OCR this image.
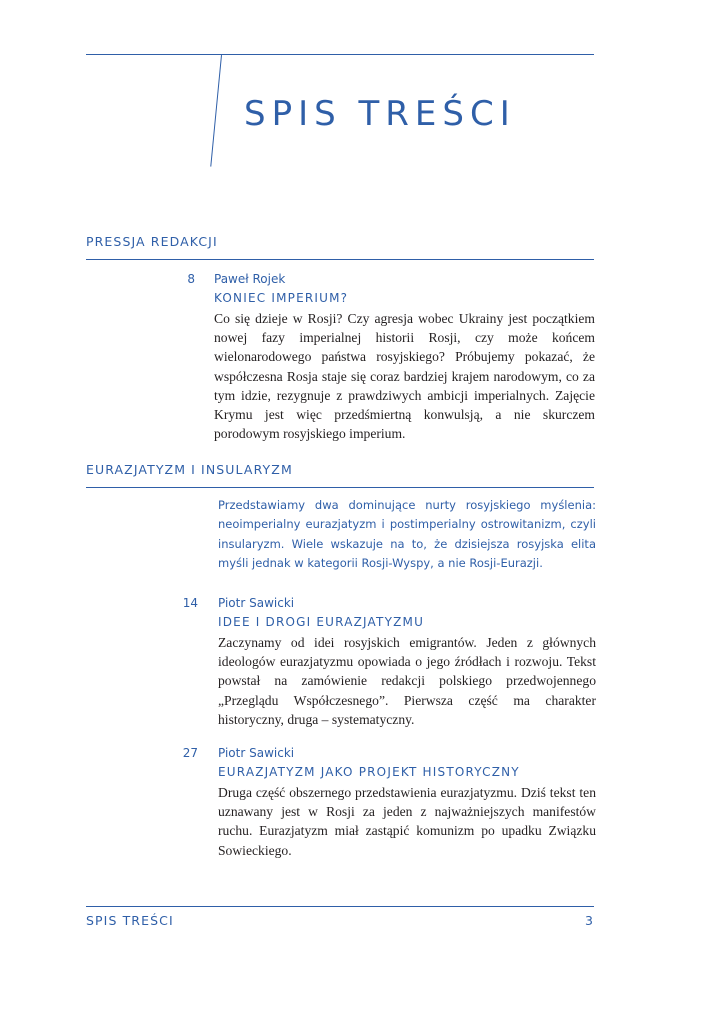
SPIS TREŚCI
PRESSJA REDAKCJI
8 Paweł Rojek

KONIEC IMPERIUM?

Co się dzieje w Rosji? Czy agresja wobec Ukrainy jest początkiem nowej fazy imperialnej historii Rosji, czy może końcem wielonarodowego państwa rosyjskiego? Próbujemy pokazać, że współczesna Rosja staje się coraz bardziej krajem narodowym, co za tym idzie, rezygnuje z prawdziwych ambicji imperialnych. Zajęcie Krymu jest więc przedśmiertną konwulsją, a nie skurczem porodowym rosyjskiego imperium.

EURAZJATYZM I INSULARYZM

Przedstawiamy dwa dominujące nurty rosyjskiego myślenia: neoimperialny eurazjatyzm i postimperialny ostrowitanizm, czyli insularyzm. Wiele wskazuje na to, że dzisiejsza rosyjska elita myśli jednak w kategorii Rosji-Wyspy, a nie Rosji-Eurazji.

14 Piotr Sawicki

IDEE I DROGI EURAZJATYZMU

Zaczynamy od idei rosyjskich emigrantów. Jeden z głównych ideologów eurazjatyzmu opowiada o jego źródłach i rozwoju. Tekst powstał na zamówienie redakcji polskiego przedwojennego „Przeglądu Współczesnego”. Pierwsza część ma charakter historyczny, druga – systematyczny.

27 Piotr Sawicki

EURAZJATYZM JAKO PROJEKT HISTORYCZNY

Druga część obszernego przedstawienia eurazjatyzmu. Dziś tekst ten uznawany jest w Rosji za jeden z najważniejszych manifestów ruchu. Eurazjatyzm miał zastąpić komunizm po upadku Związku Sowieckiego.

SPIS TREŚCI	3
